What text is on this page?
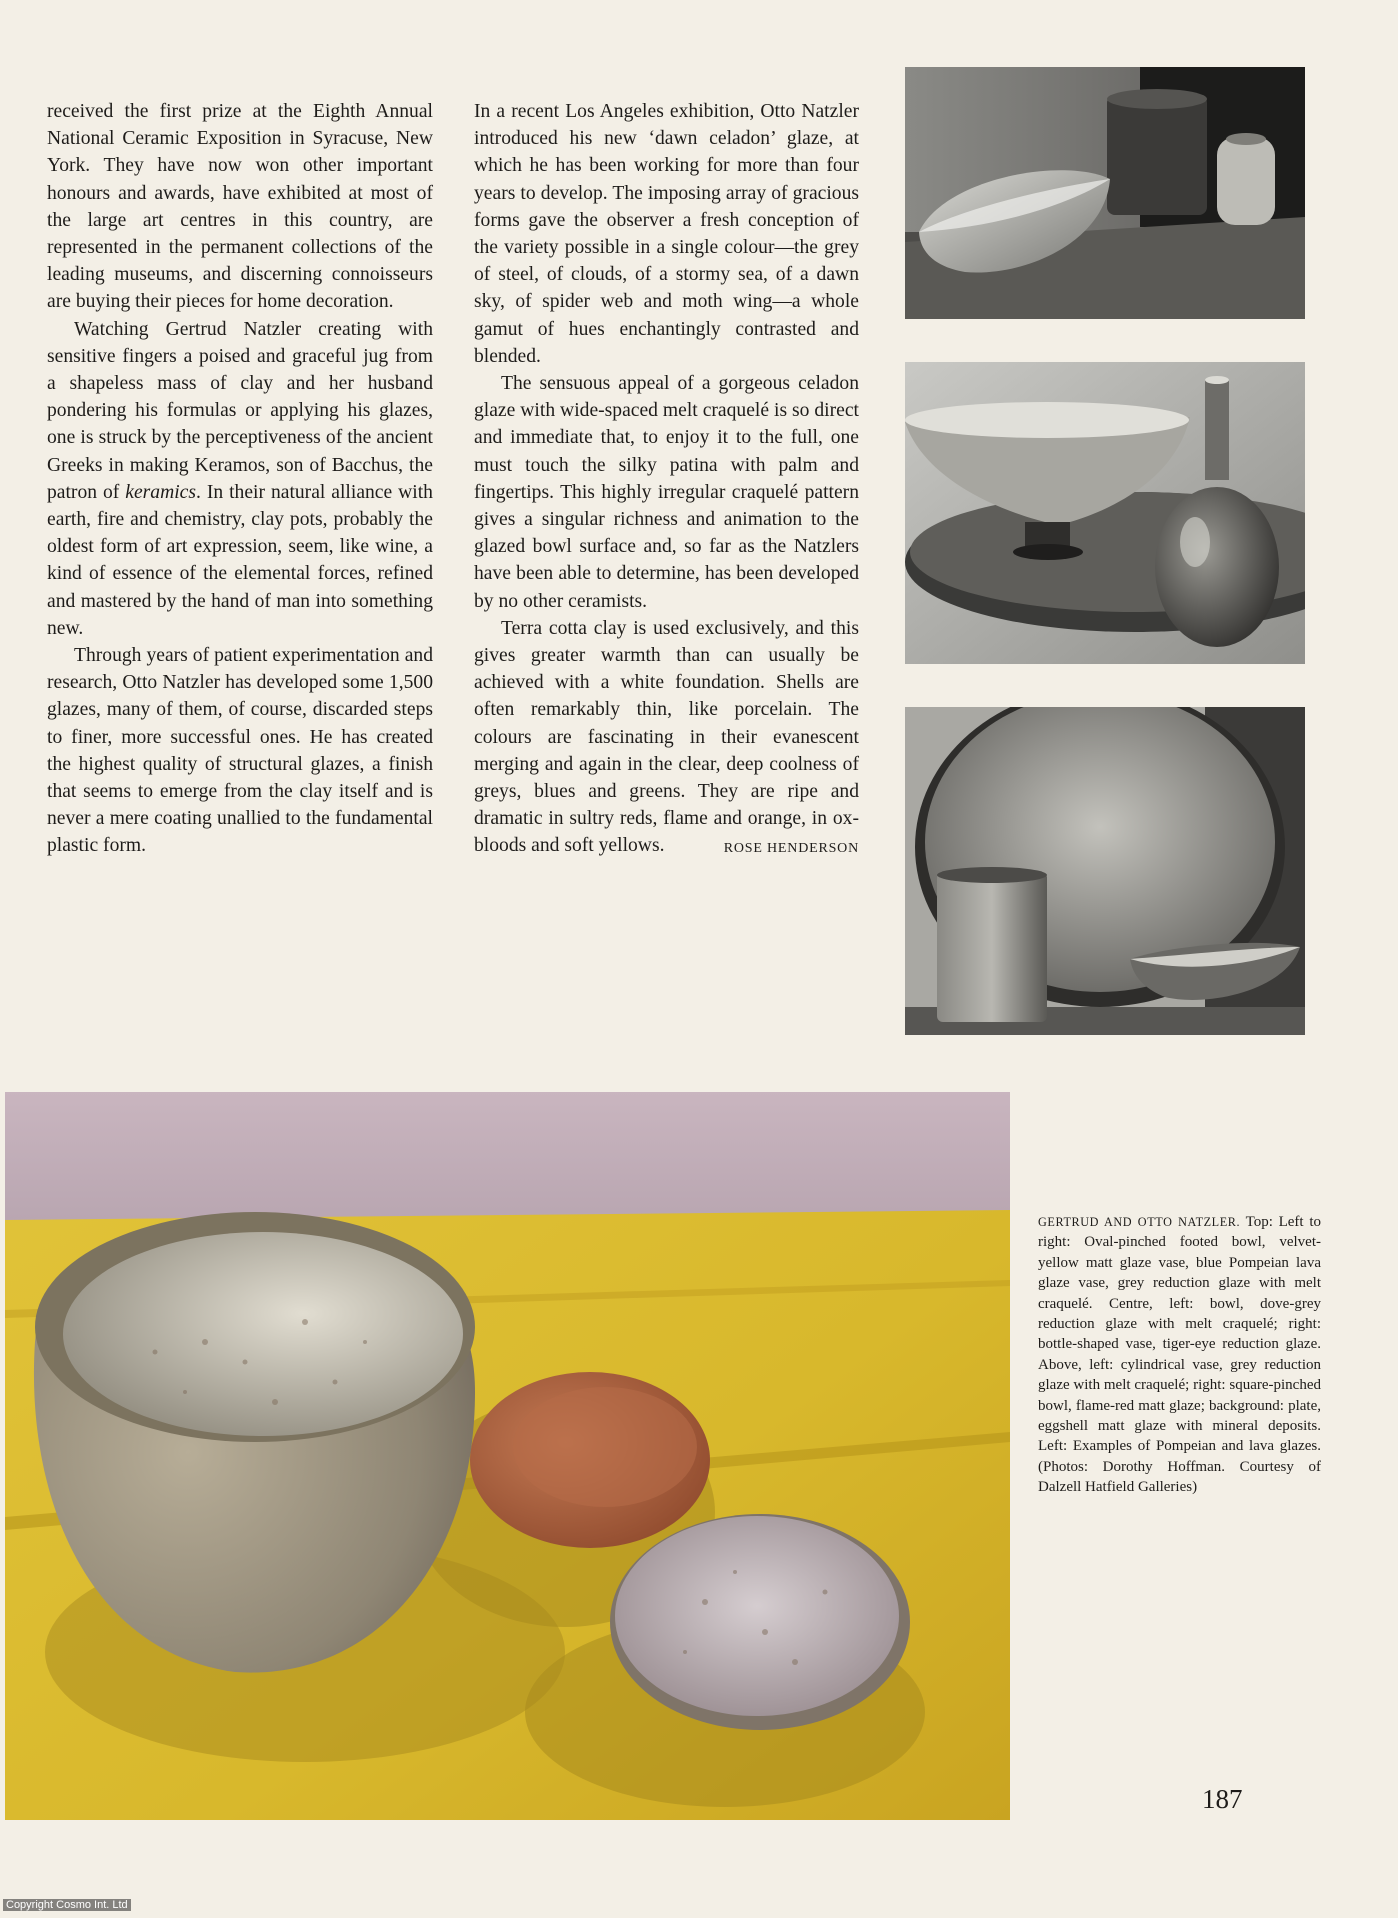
received the first prize at the Eighth Annual National Ceramic Exposition in Syracuse, New York. They have now won other important honours and awards, have exhibited at most of the large art centres in this country, are represented in the permanent collections of the leading museums, and discerning connoisseurs are buying their pieces for home decoration.

Watching Gertrud Natzler creating with sensitive fingers a poised and graceful jug from a shapeless mass of clay and her husband pondering his formulas or applying his glazes, one is struck by the perceptiveness of the ancient Greeks in making Keramos, son of Bacchus, the patron of keramics. In their natural alliance with earth, fire and chemistry, clay pots, probably the oldest form of art expression, seem, like wine, a kind of essence of the elemental forces, refined and mastered by the hand of man into something new.

Through years of patient experimentation and research, Otto Natzler has developed some 1,500 glazes, many of them, of course, discarded steps to finer, more successful ones. He has created the highest quality of structural glazes, a finish that seems to emerge from the clay itself and is never a mere coating unallied to the fundamental plastic form.

In a recent Los Angeles exhibition, Otto Natzler introduced his new ‘dawn celadon’ glaze, at which he has been working for more than four years to develop. The imposing array of gracious forms gave the observer a fresh conception of the variety possible in a single colour—the grey of steel, of clouds, of a stormy sea, of a dawn sky, of spider web and moth wing—a whole gamut of hues enchantingly contrasted and blended.

The sensuous appeal of a gorgeous celadon glaze with wide-spaced melt craquelé is so direct and immediate that, to enjoy it to the full, one must touch the silky patina with palm and fingertips. This highly irregular craquelé pattern gives a singular richness and animation to the glazed bowl surface and, so far as the Natzlers have been able to determine, has been developed by no other ceramists.

Terra cotta clay is used exclusively, and this gives greater warmth than can usually be achieved with a white foundation. Shells are often remarkably thin, like porcelain. The colours are fascinating in their evanescent merging and again in the clear, deep coolness of greys, blues and greens. They are ripe and dramatic in sultry reds, flame and orange, in ox-bloods and soft yellows.	ROSE HENDERSON

GERTRUD AND OTTO NATZLER. Top: Left to right: Oval-pinched footed bowl, velvet-yellow matt glaze vase, blue Pompeian lava glaze vase, grey reduction glaze with melt craquelé. Centre, left: bowl, dove-grey reduction glaze with melt craquelé; right: bottle-shaped vase, tiger-eye reduction glaze. Above, left: cylindrical vase, grey reduction glaze with melt craquelé; right: square-pinched bowl, flame-red matt glaze; background: plate, eggshell matt glaze with mineral deposits. Left: Examples of Pompeian and lava glazes. (Photos: Dorothy Hoffman. Courtesy of Dalzell Hatfield Galleries)
187
Copyright Cosmo Int. Ltd
